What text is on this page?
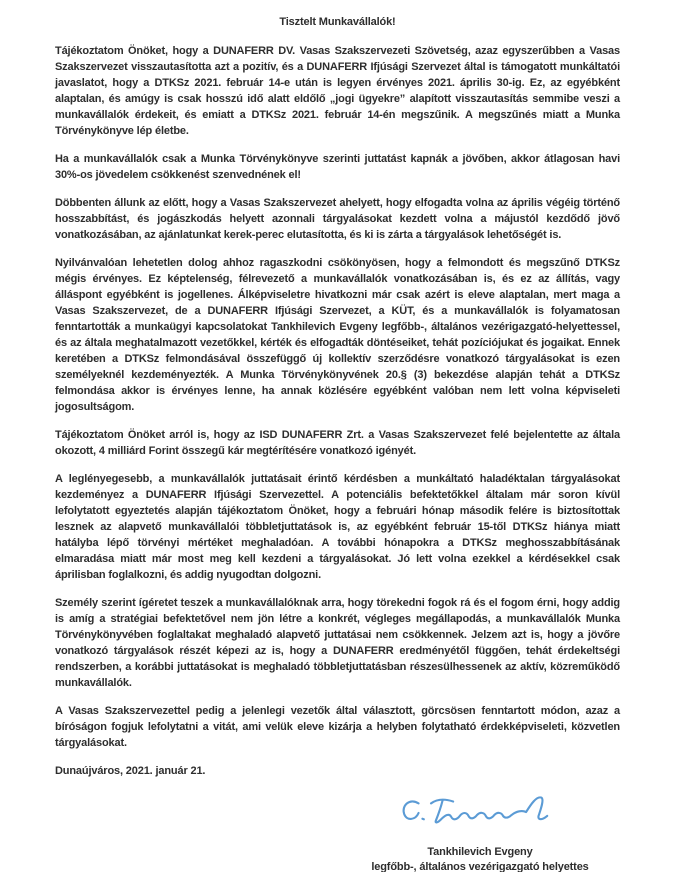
Tisztelt Munkavállalók!

Tájékoztatom Önöket, hogy a DUNAFERR DV. Vasas Szakszervezeti Szövetség, azaz egyszerűbben a Vasas Szakszervezet visszautasította azt a pozitív, és a DUNAFERR Ifjúsági Szervezet által is támogatott munkáltatói javaslatot, hogy a DTKSz 2021. február 14-e után is legyen érvényes 2021. április 30-ig. Ez, az egyébként alaptalan, és amúgy is csak hosszú idő alatt eldőlő „jogi ügyekre” alapított visszautasítás semmibe veszi a munkavállalók érdekeit, és emiatt a DTKSz 2021. február 14-én megszűnik. A megszűnés miatt a Munka Törvénykönyve lép életbe.

Ha a munkavállalók csak a Munka Törvénykönyve szerinti juttatást kapnák a jövőben, akkor átlagosan havi 30%-os jövedelem csökkenést szenvednének el!

Döbbenten állunk az előtt, hogy a Vasas Szakszervezet ahelyett, hogy elfogadta volna az április végéig történő hosszabbítást, és jogászkodás helyett azonnali tárgyalásokat kezdett volna a májustól kezdődő jövő vonatkozásában, az ajánlatunkat kerek-perec elutasította, és ki is zárta a tárgyalások lehetőségét is.

Nyilvánvalóan lehetetlen dolog ahhoz ragaszkodni csökönyösen, hogy a felmondott és megszűnő DTKSz mégis érvényes. Ez képtelenség, félrevezető a munkavállalók vonatkozásában is, és ez az állítás, vagy álláspont egyébként is jogellenes. Álképviseletre hivatkozni már csak azért is eleve alaptalan, mert maga a Vasas Szakszervezet, de a DUNAFERR Ifjúsági Szervezet, a KÜT, és a munkavállalók is folyamatosan fenntartották a munkaügyi kapcsolatokat Tankhilevich Evgeny legfőbb-, általános vezérigazgató-helyettessel, és az általa meghatalmazott vezetőkkel, kérték és elfogadták döntéseiket, tehát pozíciójukat és jogaikat. Ennek keretében a DTKSz felmondásával összefüggő új kollektív szerződésre vonatkozó tárgyalásokat is ezen személyeknél kezdeményezték. A Munka Törvénykönyvének 20.§ (3) bekezdése alapján tehát a DTKSz felmondása akkor is érvényes lenne, ha annak közlésére egyébként valóban nem lett volna képviseleti jogosultságom.

Tájékoztatom Önöket arról is, hogy az ISD DUNAFERR Zrt. a Vasas Szakszervezet felé bejelentette az általa okozott, 4 milliárd Forint összegű kár megtérítésére vonatkozó igényét.

A leglényegesebb, a munkavállalók juttatásait érintő kérdésben a munkáltató haladéktalan tárgyalásokat kezdeményez a DUNAFERR Ifjúsági Szervezettel. A potenciális befektetőkkel általam már soron kívül lefolytatott egyeztetés alapján tájékoztatom Önöket, hogy a februári hónap második felére is biztosítottak lesznek az alapvető munkavállalói többletjuttatások is, az egyébként február 15-től DTKSz hiánya miatt hatályba lépő törvényi mértéket meghaladóan. A további hónapokra a DTKSz meghosszabbításának elmaradása miatt már most meg kell kezdeni a tárgyalásokat. Jó lett volna ezekkel a kérdésekkel csak áprilisban foglalkozni, és addig nyugodtan dolgozni.

Személy szerint ígéretet teszek a munkavállalóknak arra, hogy törekedni fogok rá és el fogom érni, hogy addig is amíg a stratégiai befektetővel nem jön létre a konkrét, végleges megállapodás, a munkavállalók Munka Törvénykönyvében foglaltakat meghaladó alapvető juttatásai nem csökkennek. Jelzem azt is, hogy a jövőre vonatkozó tárgyalások részét képezi az is, hogy a DUNAFERR eredményétől függően, tehát érdekeltségi rendszerben, a korábbi juttatásokat is meghaladó többletjuttatásban részesülhessenek az aktív, közreműködő munkavállalók.

A Vasas Szakszervezettel pedig a jelenlegi vezetők által választott, görcsösen fenntartott módon, azaz a bíróságon fogjuk lefolytatni a vitát, ami velük eleve kizárja a helyben folytatható érdekképviseleti, közvetlen tárgyalásokat.

Dunaújváros, 2021. január 21.

Tankhilevich Evgeny
legfőbb-, általános vezérigazgató helyettes
